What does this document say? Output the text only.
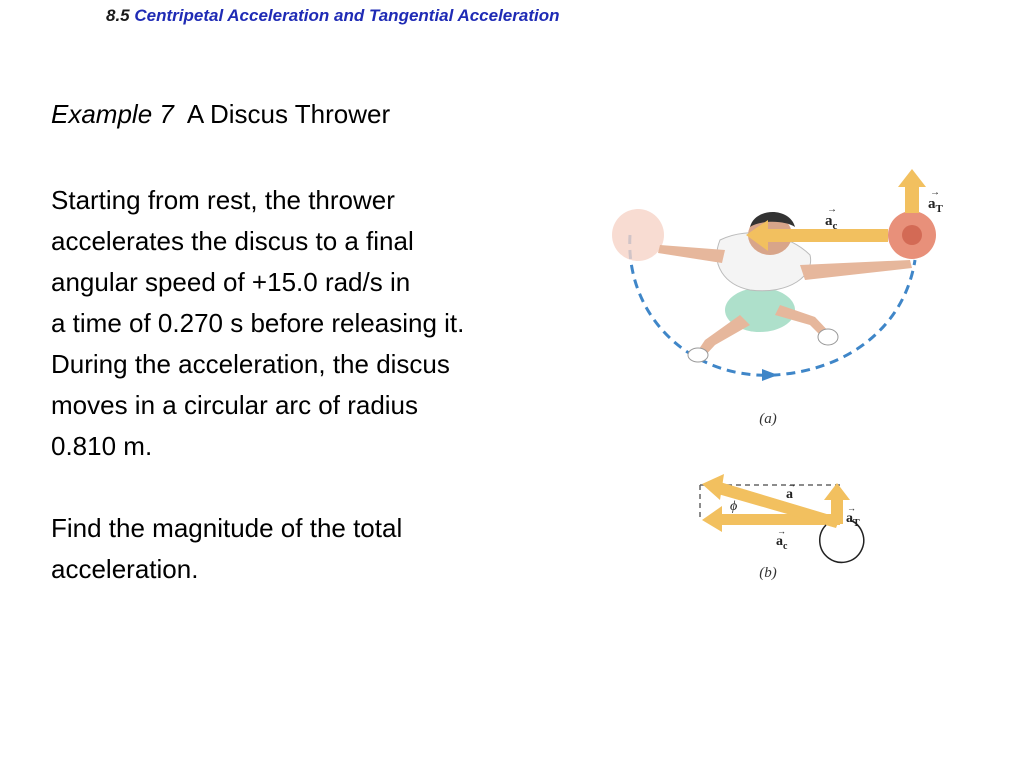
8.5 Centripetal Acceleration and Tangential Acceleration
Example 7 A Discus Thrower
Starting from rest, the thrower
accelerates the discus to a final
angular speed of +15.0 rad/s in
a time of 0.270 s before releasing it.
During the acceleration, the discus
moves in a circular arc of radius
0.810 m.
Find the magnitude of the total
acceleration.
$a_c$
→	$a_T$
→
(a)
ϕ
a
→
$a_c$
→
$a_T$
→
(b)
